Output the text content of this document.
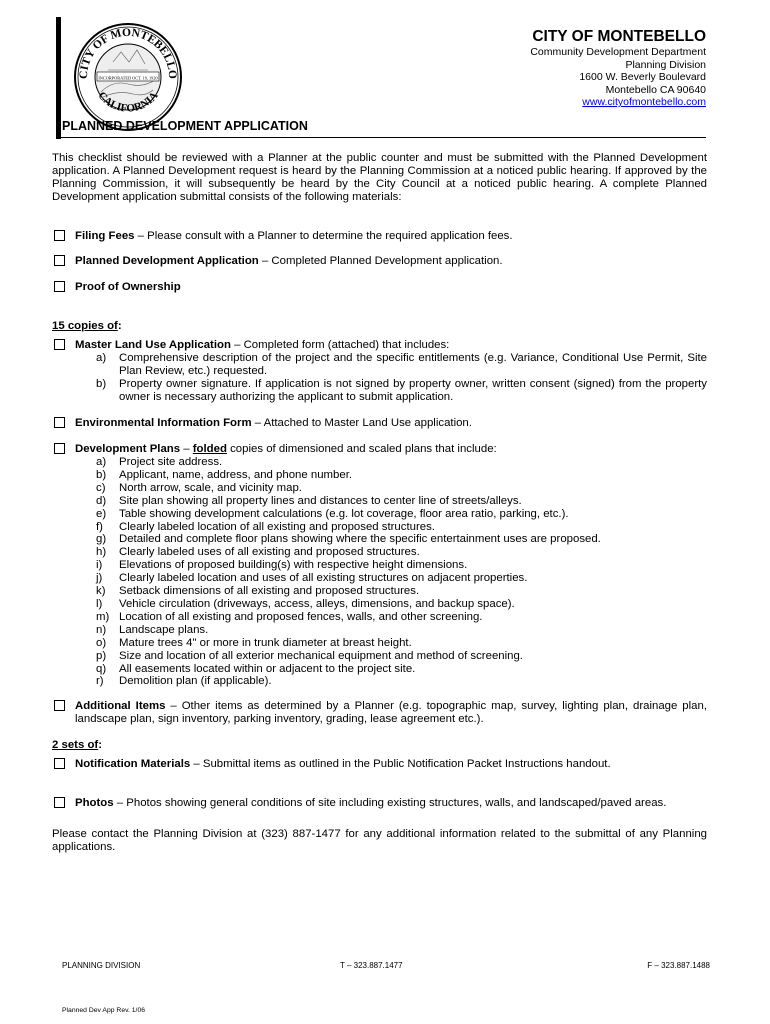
CITY OF MONTEBELLO
INCORPORATED OCT. 19, 1920
CALIFORNIA
CITY OF MONTEBELLO
Community Development Department
Planning Division
1600 W. Beverly Boulevard
Montebello CA 90640
www.cityofmontebello.com
PLANNED DEVELOPMENT APPLICATION
This checklist should be reviewed with a Planner at the public counter and must be submitted with the Planned Development application. A Planned Development request is heard by the Planning Commission at a noticed public hearing. If approved by the Planning Commission, it will subsequently be heard by the City Council at a noticed public hearing. A complete Planned Development application submittal consists of the following materials:
Filing Fees – Please consult with a Planner to determine the required application fees.
Planned Development Application – Completed Planned Development application.
Proof of Ownership
15 copies of:
Master Land Use Application – Completed form (attached) that includes:
a)	Comprehensive description of the project and the specific entitlements (e.g. Variance, Conditional Use Permit, Site Plan Review, etc.) requested.
b)	Property owner signature. If application is not signed by property owner, written consent (signed) from the property owner is necessary authorizing the applicant to submit application.
Environmental Information Form – Attached to Master Land Use application.
Development Plans – folded copies of dimensioned and scaled plans that include:
a)	Project site address.
b)	Applicant, name, address, and phone number.
c)	North arrow, scale, and vicinity map.
d)	Site plan showing all property lines and distances to center line of streets/alleys.
e)	Table showing development calculations (e.g. lot coverage, floor area ratio, parking, etc.).
f)	Clearly labeled location of all existing and proposed structures.
g)	Detailed and complete floor plans showing where the specific entertainment uses are proposed.
h)	Clearly labeled uses of all existing and proposed structures.
i)	Elevations of proposed building(s) with respective height dimensions.
j)	Clearly labeled location and uses of all existing structures on adjacent properties.
k)	Setback dimensions of all existing and proposed structures.
l)	Vehicle circulation (driveways, access, alleys, dimensions, and backup space).
m) Location of all existing and proposed fences, walls, and other screening.
n)	Landscape plans.
o)	Mature trees 4" or more in trunk diameter at breast height.
p)	Size and location of all exterior mechanical equipment and method of screening.
q)	All easements located within or adjacent to the project site.
r)	Demolition plan (if applicable).
Additional Items – Other items as determined by a Planner (e.g. topographic map, survey, lighting plan, drainage plan, landscape plan, sign inventory, parking inventory, grading, lease agreement etc.).
2 sets of:
Notification Materials – Submittal items as outlined in the Public Notification Packet Instructions handout.
Photos – Photos showing general conditions of site including existing structures, walls, and landscaped/paved areas.
Please contact the Planning Division at (323) 887-1477 for any additional information related to the submittal of any Planning applications.
PLANNING DIVISION	T – 323.887.1477	F – 323.887.1488
Planned Dev App Rev. 1/06
